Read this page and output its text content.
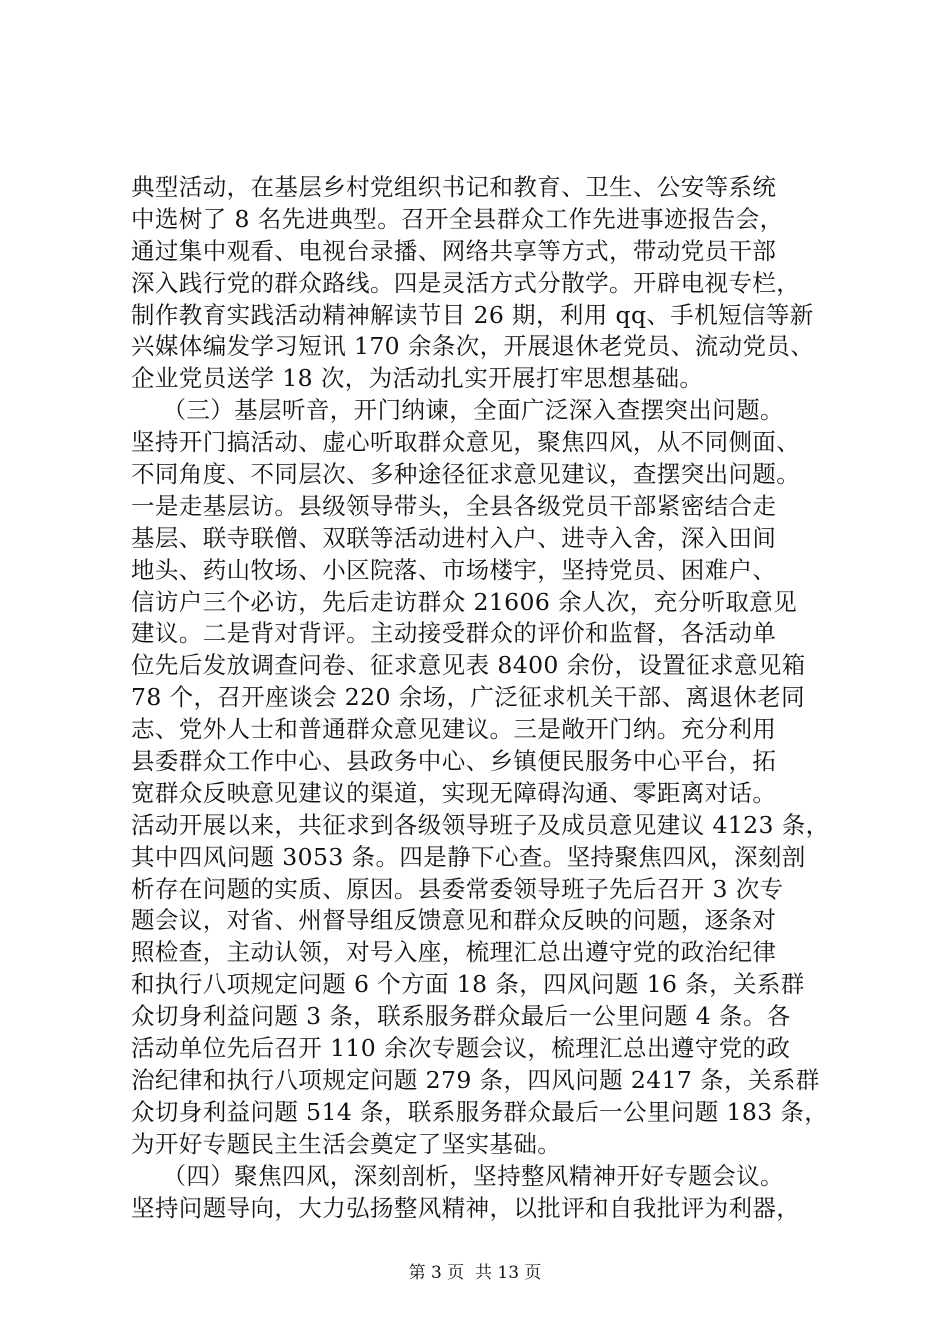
典型活动，在基层乡村党组织书记和教育、卫生、公安等系统
中选树了 8 名先进典型。召开全县群众工作先进事迹报告会，
通过集中观看、电视台录播、网络共享等方式，带动党员干部
深入践行党的群众路线。四是灵活方式分散学。开辟电视专栏，
制作教育实践活动精神解读节目 26 期，利用 qq、手机短信等新
兴媒体编发学习短讯 170 余条次，开展退休老党员、流动党员、
企业党员送学 18 次，为活动扎实开展打牢思想基础。
（三）基层听音，开门纳谏，全面广泛深入查摆突出问题。
坚持开门搞活动、虚心听取群众意见，聚焦四风，从不同侧面、
不同角度、不同层次、多种途径征求意见建议，查摆突出问题。
一是走基层访。县级领导带头，全县各级党员干部紧密结合走
基层、联寺联僧、双联等活动进村入户、进寺入舍，深入田间
地头、药山牧场、小区院落、市场楼宇，坚持党员、困难户、
信访户三个必访，先后走访群众 21606 余人次，充分听取意见
建议。二是背对背评。主动接受群众的评价和监督，各活动单
位先后发放调查问卷、征求意见表 8400 余份，设置征求意见箱
78 个，召开座谈会 220 余场，广泛征求机关干部、离退休老同
志、党外人士和普通群众意见建议。三是敞开门纳。充分利用
县委群众工作中心、县政务中心、乡镇便民服务中心平台，拓
宽群众反映意见建议的渠道，实现无障碍沟通、零距离对话。
活动开展以来，共征求到各级领导班子及成员意见建议 4123 条，
其中四风问题 3053 条。四是静下心查。坚持聚焦四风，深刻剖
析存在问题的实质、原因。县委常委领导班子先后召开 3 次专
题会议，对省、州督导组反馈意见和群众反映的问题，逐条对
照检查，主动认领，对号入座，梳理汇总出遵守党的政治纪律
和执行八项规定问题 6 个方面 18 条，四风问题 16 条，关系群
众切身利益问题 3 条，联系服务群众最后一公里问题 4 条。各
活动单位先后召开 110 余次专题会议，梳理汇总出遵守党的政
治纪律和执行八项规定问题 279 条，四风问题 2417 条，关系群
众切身利益问题 514 条，联系服务群众最后一公里问题 183 条，
为开好专题民主生活会奠定了坚实基础。
（四）聚焦四风，深刻剖析，坚持整风精神开好专题会议。
坚持问题导向，大力弘扬整风精神，以批评和自我批评为利器，
第 3 页  共 13 页
